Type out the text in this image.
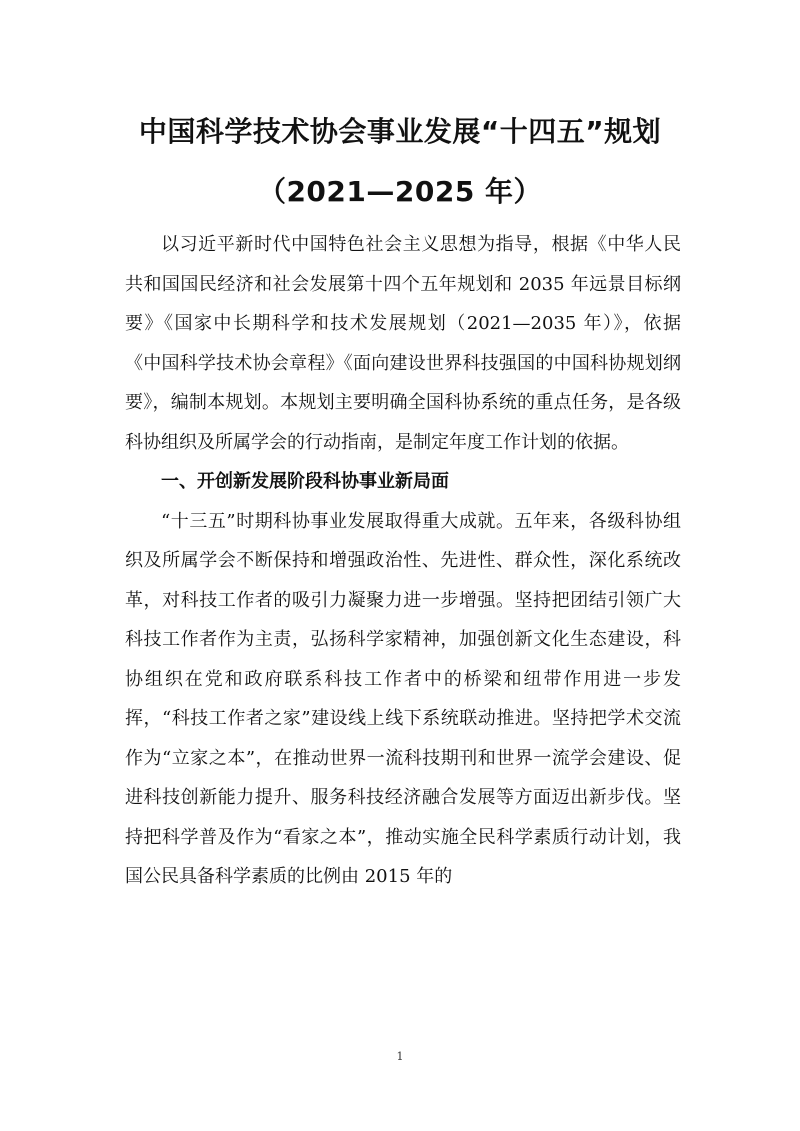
中国科学技术协会事业发展“十四五”规划
（2021—2025 年）

以习近平新时代中国特色社会主义思想为指导，根据《中华人民共和国国民经济和社会发展第十四个五年规划和 2035 年远景目标纲要》《国家中长期科学和技术发展规划（2021—2035 年）》，依据《中国科学技术协会章程》《面向建设世界科技强国的中国科协规划纲要》，编制本规划。本规划主要明确全国科协系统的重点任务，是各级科协组织及所属学会的行动指南，是制定年度工作计划的依据。

一、开创新发展阶段科协事业新局面

“十三五”时期科协事业发展取得重大成就。五年来，各级科协组织及所属学会不断保持和增强政治性、先进性、群众性，深化系统改革，对科技工作者的吸引力凝聚力进一步增强。坚持把团结引领广大科技工作者作为主责，弘扬科学家精神，加强创新文化生态建设，科协组织在党和政府联系科技工作者中的桥梁和纽带作用进一步发挥，“科技工作者之家”建设线上线下系统联动推进。坚持把学术交流作为“立家之本”，在推动世界一流科技期刊和世界一流学会建设、促进科技创新能力提升、服务科技经济融合发展等方面迈出新步伐。坚持把科学普及作为“看家之本”，推动实施全民科学素质行动计划，我国公民具备科学素质的比例由 2015 年的

1
